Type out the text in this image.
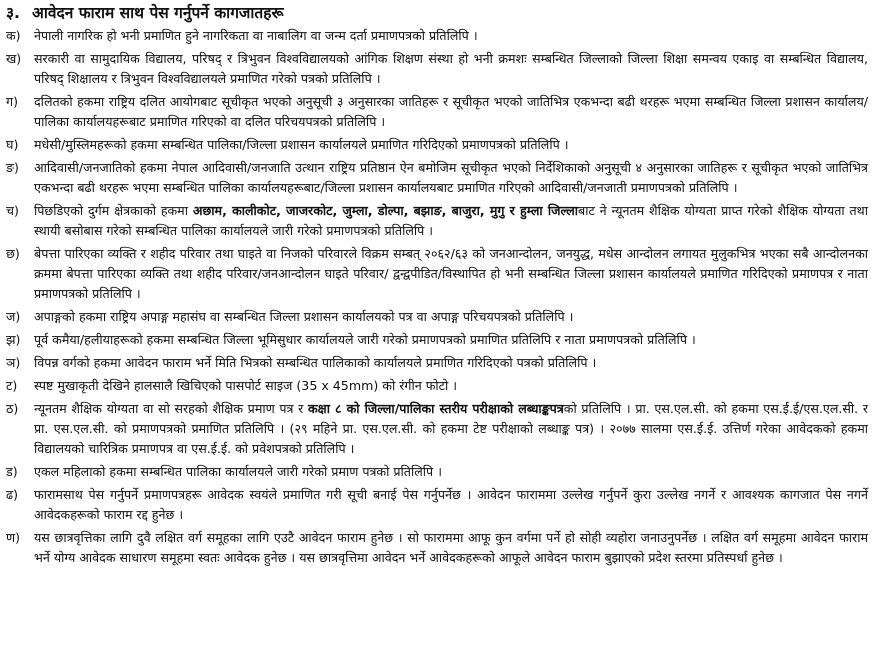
३. आवेदन फाराम साथ पेस गर्नुपर्ने कागजातहरू
क)	नेपाली नागरिक हो भनी प्रमाणित हुने नागरिकता वा नाबालिग वा जन्म दर्ता प्रमाणपत्रको प्रतिलिपि ।
ख)	सरकारी वा सामुदायिक विद्यालय, परिषद् र त्रिभुवन विश्वविद्यालयको आंगिक शिक्षण संस्था हो भनी क्रमशः सम्बन्धित जिल्लाको जिल्ला शिक्षा समन्वय एकाइ वा सम्बन्धित विद्यालय, परिषद् शिक्षालय र त्रिभुवन विश्वविद्यालयले प्रमाणित गरेको पत्रको प्रतिलिपि ।
ग)	दलितको हकमा राष्ट्रिय दलित आयोगबाट सूचीकृत भएको अनुसूची ३ अनुसारका जातिहरू र सूचीकृत भएको जातिभित्र एकभन्दा बढी थरहरू भएमा सम्बन्धित जिल्ला प्रशासन कार्यालय/पालिका कार्यालयहरूबाट प्रमाणित गरिएको वा दलित परिचयपत्रको प्रतिलिपि ।
घ)	मधेसी/मुस्लिमहरूको हकमा सम्बन्धित पालिका/जिल्ला प्रशासन कार्यालयले प्रमाणित गरिदिएको प्रमाणपत्रको प्रतिलिपि ।
ङ)	आदिवासी/जनजातिको हकमा नेपाल आदिवासी/जनजाति उत्थान राष्ट्रिय प्रतिष्ठान ऐन बमोजिम सूचीकृत भएको निर्देशिकाको अनुसूची ४ अनुसारका जातिहरू र सूचीकृत भएको जातिभित्र एकभन्दा बढी थरहरू भएमा सम्बन्धित पालिका कार्यालयहरूबाट/जिल्ला प्रशासन कार्यालयबाट प्रमाणित गरिएको आदिवासी/जनजाती प्रमाणपत्रको प्रतिलिपि ।
च)	पिछडिएको दुर्गम क्षेत्रकाको हकमा अछाम, कालीकोट, जाजरकोट, जुम्ला, डोल्पा, बझाङ, बाजुरा, मुगु र हुम्ला जिल्लाबाट ने न्यूनतम शैक्षिक योग्यता प्राप्त गरेको शैक्षिक योग्यता तथा स्थायी बसोबास गरेको सम्बन्धित पालिका कार्यालयले जारी गरेको प्रमाणपत्रको प्रतिलिपि ।
छ)	बेपत्ता पारिएका व्यक्ति र शहीद परिवार तथा घाइते वा निजको परिवारले विक्रम सम्बत् २०६२/६३ को जनआन्दोलन, जनयुद्ध, मधेस आन्दोलन लगायत मुलुकभित्र भएका सबै आन्दोलनका क्रममा बेपत्ता पारिएका व्यक्ति तथा शहीद परिवार/जनआन्दोलन घाइते परिवार/ द्वन्द्वपीडित/विस्थापित हो भनी सम्बन्धित जिल्ला प्रशासन कार्यालयले प्रमाणित गरिदिएको प्रमाणपत्र र नाता प्रमाणपत्रको प्रतिलिपि ।
ज)	अपाङ्गको हकमा राष्ट्रिय अपाङ्ग महासंघ वा सम्बन्धित जिल्ला प्रशासन कार्यालयको पत्र वा अपाङ्ग परिचयपत्रको प्रतिलिपि ।
झ)	पूर्व कमैया/हलीयाहरूको हकमा सम्बन्धित जिल्ला भूमिसुधार कार्यालयले जारी गरेको प्रमाणपत्रको प्रमाणित प्रतिलिपि र नाता प्रमाणपत्रको प्रतिलिपि ।
ञ)	विपन्न वर्गको हकमा आवेदन फाराम भर्ने मिति भित्रको सम्बन्धित पालिकाको कार्यालयले प्रमाणित गरिदिएको पत्रको प्रतिलिपि ।
ट)	स्पष्ट मुखाकृती देखिने हालसालै खिचिएको पासपोर्ट साइज (35 x 45mm) को रंगीन फोटो ।
ठ)	न्यूनतम शैक्षिक योग्यता वा सो सरहको शैक्षिक प्रमाण पत्र र कक्षा ८ को जिल्ला/पालिका स्तरीय परीक्षाको लब्धाङ्कपत्रको प्रतिलिपि । प्रा. एस.एल.सी. को हकमा एस.ई.ई/एस.एल.सी. र प्रा. एस.एल.सी. को प्रमाणपत्रको प्रमाणित प्रतिलिपि । (२९ महिने प्रा. एस.एल.सी. को हकमा टेष्ट परीक्षाको लब्धाङ्क पत्र) । २०७७ सालमा एस.ई.ई. उत्तिर्ण गरेका आवेदकको हकमा विद्यालयको चारित्रिक प्रमाणपत्र वा एस.ई.ई. को प्रवेशपत्रको प्रतिलिपि ।
ड)	एकल महिलाको हकमा सम्बन्धित पालिका कार्यालयले जारी गरेको प्रमाण पत्रको प्रतिलिपि ।
ढ)	फारामसाथ पेस गर्नुपर्ने प्रमाणपत्रहरू आवेदक स्वयंले प्रमाणित गरी सूची बनाई पेस गर्नुपर्नेछ । आवेदन फाराममा उल्लेख गर्नुपर्ने कुरा उल्लेख नगर्ने र आवश्यक कागजात पेस नगर्ने आवेदकहरूको फाराम रद्द हुनेछ ।
ण)	यस छात्रवृत्तिका लागि दुवै लक्षित वर्ग समूहका लागि एउटै आवेदन फाराम हुनेछ । सो फाराममा आफू कुन वर्गमा पर्ने हो सोही व्यहोरा जनाउनुपर्नेछ । लक्षित वर्ग समूहमा आवेदन फाराम भर्ने योग्य आवेदक साधारण समूहमा स्वतः आवेदक हुनेछ । यस छात्रवृत्तिमा आवेदन भर्ने आवेदकहरूको आफूले आवेदन फाराम बुझाएको प्रदेश स्तरमा प्रतिस्पर्धा हुनेछ ।
